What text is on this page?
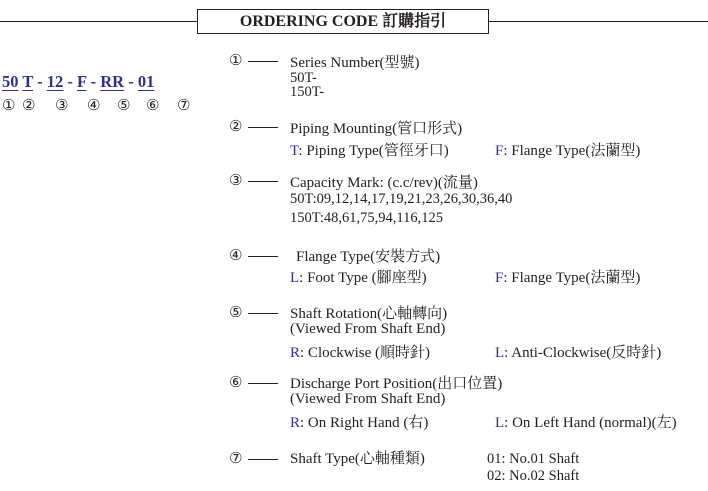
ORDERING CODE 訂購指引
50 T - 12 - F - RR - 01
① ② ③ ④ ⑤ ⑥ ⑦
①	Series Number(型號)
50T-
150T-
②	Piping Mounting(管口形式)
T: Piping Type(管徑牙口)	F: Flange Type(法蘭型)
③	Capacity Mark: (c.c/rev)(流量)
50T:09,12,14,17,19,21,23,26,30,36,40
150T:48,61,75,94,116,125
④	Flange Type(安裝方式)
L: Foot Type (腳座型)	F: Flange Type(法蘭型)
⑤	Shaft Rotation(心軸轉向)
(Viewed From Shaft End)
R: Clockwise (順時針)	L: Anti-Clockwise(反時針)
⑥	Discharge Port Position(出口位置)
(Viewed From Shaft End)
R: On Right Hand (右)	L: On Left Hand (normal)(左)
⑦	Shaft Type(心軸種類)	01: No.01 Shaft
02: No.02 Shaft
